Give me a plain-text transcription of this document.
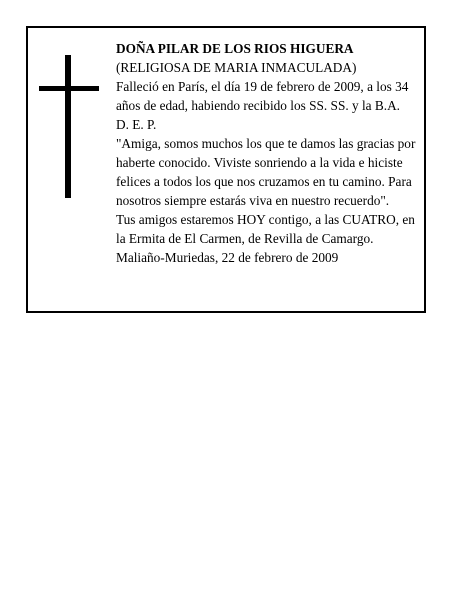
DOÑA PILAR DE LOS RIOS HIGUERA

(RELIGIOSA DE MARIA INMACULADA)

Falleció en París, el día 19 de febrero de 2009, a los 34 años de edad, habiendo recibido los SS. SS. y la B.A.

D. E. P.

"Amiga, somos muchos los que te damos las gracias por haberte conocido. Viviste sonriendo a la vida e hiciste felices a todos los que nos cruzamos en tu camino. Para nosotros siempre estarás viva en nuestro recuerdo".

Tus amigos estaremos HOY contigo, a las CUATRO, en la Ermita de El Carmen, de Revilla de Camargo.

Maliaño-Muriedas, 22 de febrero de 2009
